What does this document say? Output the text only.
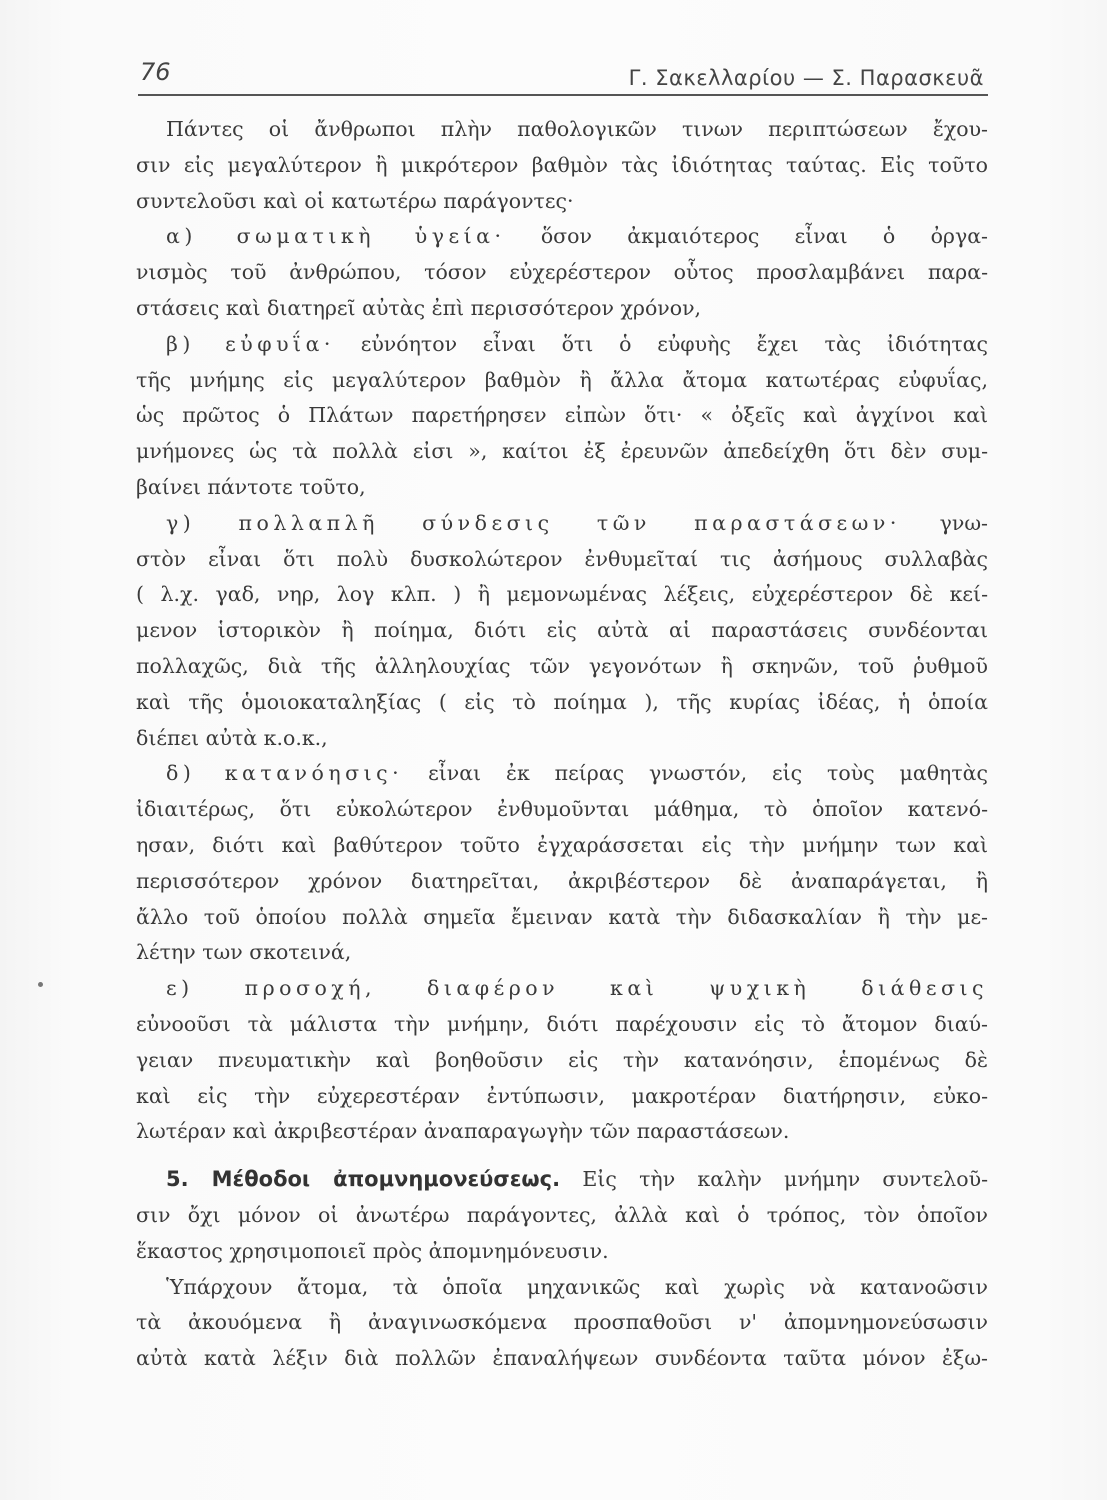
76	Γ. Σακελλαρίου — Σ. Παρασκευᾶ
Πάντες οἱ ἄνθρωποι πλὴν παθολογικῶν τινων περιπτώσεων ἔχου-
σιν εἰς μεγαλύτερον ἢ μικρότερον βαθμὸν τὰς ἰδιότητας ταύτας. Εἰς τοῦτο
συντελοῦσι καὶ οἱ κατωτέρω παράγοντες·
α) σωματικὴ ὑγεία· ὅσον ἀκμαιότερος εἶναι ὁ ὀργα-
νισμὸς τοῦ ἀνθρώπου, τόσον εὐχερέστερον οὗτος προσλαμβάνει παρα-
στάσεις καὶ διατηρεῖ αὐτὰς ἐπὶ περισσότερον χρόνον,
β) εὐφυΐα· εὐνόητον εἶναι ὅτι ὁ εὐφυὴς ἔχει τὰς ἰδιότητας
τῆς μνήμης εἰς μεγαλύτερον βαθμὸν ἢ ἄλλα ἄτομα κατωτέρας εὐφυΐας,
ὡς πρῶτος ὁ Πλάτων παρετήρησεν εἰπὼν ὅτι· « ὀξεῖς καὶ ἀγχίνοι καὶ
μνήμονες ὡς τὰ πολλὰ εἰσι », καίτοι ἐξ ἐρευνῶν ἀπεδείχθη ὅτι δὲν συμ-
βαίνει πάντοτε τοῦτο,
γ) πολλαπλῆ σύνδεσις τῶν παραστάσεων· γνω-
στὸν εἶναι ὅτι πολὺ δυσκολώτερον ἐνθυμεῖταί τις ἀσήμους συλλαβὰς
( λ.χ. γαδ, νηρ, λογ κλπ. ) ἢ μεμονωμένας λέξεις, εὐχερέστερον δὲ κεί-
μενον ἱστορικὸν ἢ ποίημα, διότι εἰς αὐτὰ αἱ παραστάσεις συνδέονται
πολλαχῶς, διὰ τῆς ἀλληλουχίας τῶν γεγονότων ἢ σκηνῶν, τοῦ ῥυθμοῦ
καὶ τῆς ὁμοιοκαταληξίας ( εἰς τὸ ποίημα ), τῆς κυρίας ἰδέας, ἡ ὁποία
διέπει αὐτὰ κ.ο.κ.,
δ) κατανόησις· εἶναι ἐκ πείρας γνωστόν, εἰς τοὺς μαθητὰς
ἰδιαιτέρως, ὅτι εὐκολώτερον ἐνθυμοῦνται μάθημα, τὸ ὁποῖον κατενό-
ησαν, διότι καὶ βαθύτερον τοῦτο ἐγχαράσσεται εἰς τὴν μνήμην των καὶ
περισσότερον χρόνον διατηρεῖται, ἀκριβέστερον δὲ ἀναπαράγεται, ἢ
ἄλλο τοῦ ὁποίου πολλὰ σημεῖα ἔμειναν κατὰ τὴν διδασκαλίαν ἢ τὴν με-
λέτην των σκοτεινά,
ε) προσοχή, διαφέρον καὶ ψυχικὴ διάθεσις
εὐνοοῦσι τὰ μάλιστα τὴν μνήμην, διότι παρέχουσιν εἰς τὸ ἄτομον διαύ-
γειαν πνευματικὴν καὶ βοηθοῦσιν εἰς τὴν κατανόησιν, ἑπομένως δὲ
καὶ εἰς τὴν εὐχερεστέραν ἐντύπωσιν, μακροτέραν διατήρησιν, εὐκο-
λωτέραν καὶ ἀκριβεστέραν ἀναπαραγωγὴν τῶν παραστάσεων.
5. Μέθοδοι ἀπομνημονεύσεως. Εἰς τὴν καλὴν μνήμην συντελοῦ-
σιν ὄχι μόνον οἱ ἀνωτέρω παράγοντες, ἀλλὰ καὶ ὁ τρόπος, τὸν ὁποῖον
ἕκαστος χρησιμοποιεῖ πρὸς ἀπομνημόνευσιν.
Ὑπάρχουν ἄτομα, τὰ ὁποῖα μηχανικῶς καὶ χωρὶς νὰ κατανοῶσιν
τὰ ἀκουόμενα ἢ ἀναγινωσκόμενα προσπαθοῦσι ν' ἀπομνημονεύσωσιν
αὐτὰ κατὰ λέξιν διὰ πολλῶν ἐπαναλήψεων συνδέοντα ταῦτα μόνον ἐξω-
